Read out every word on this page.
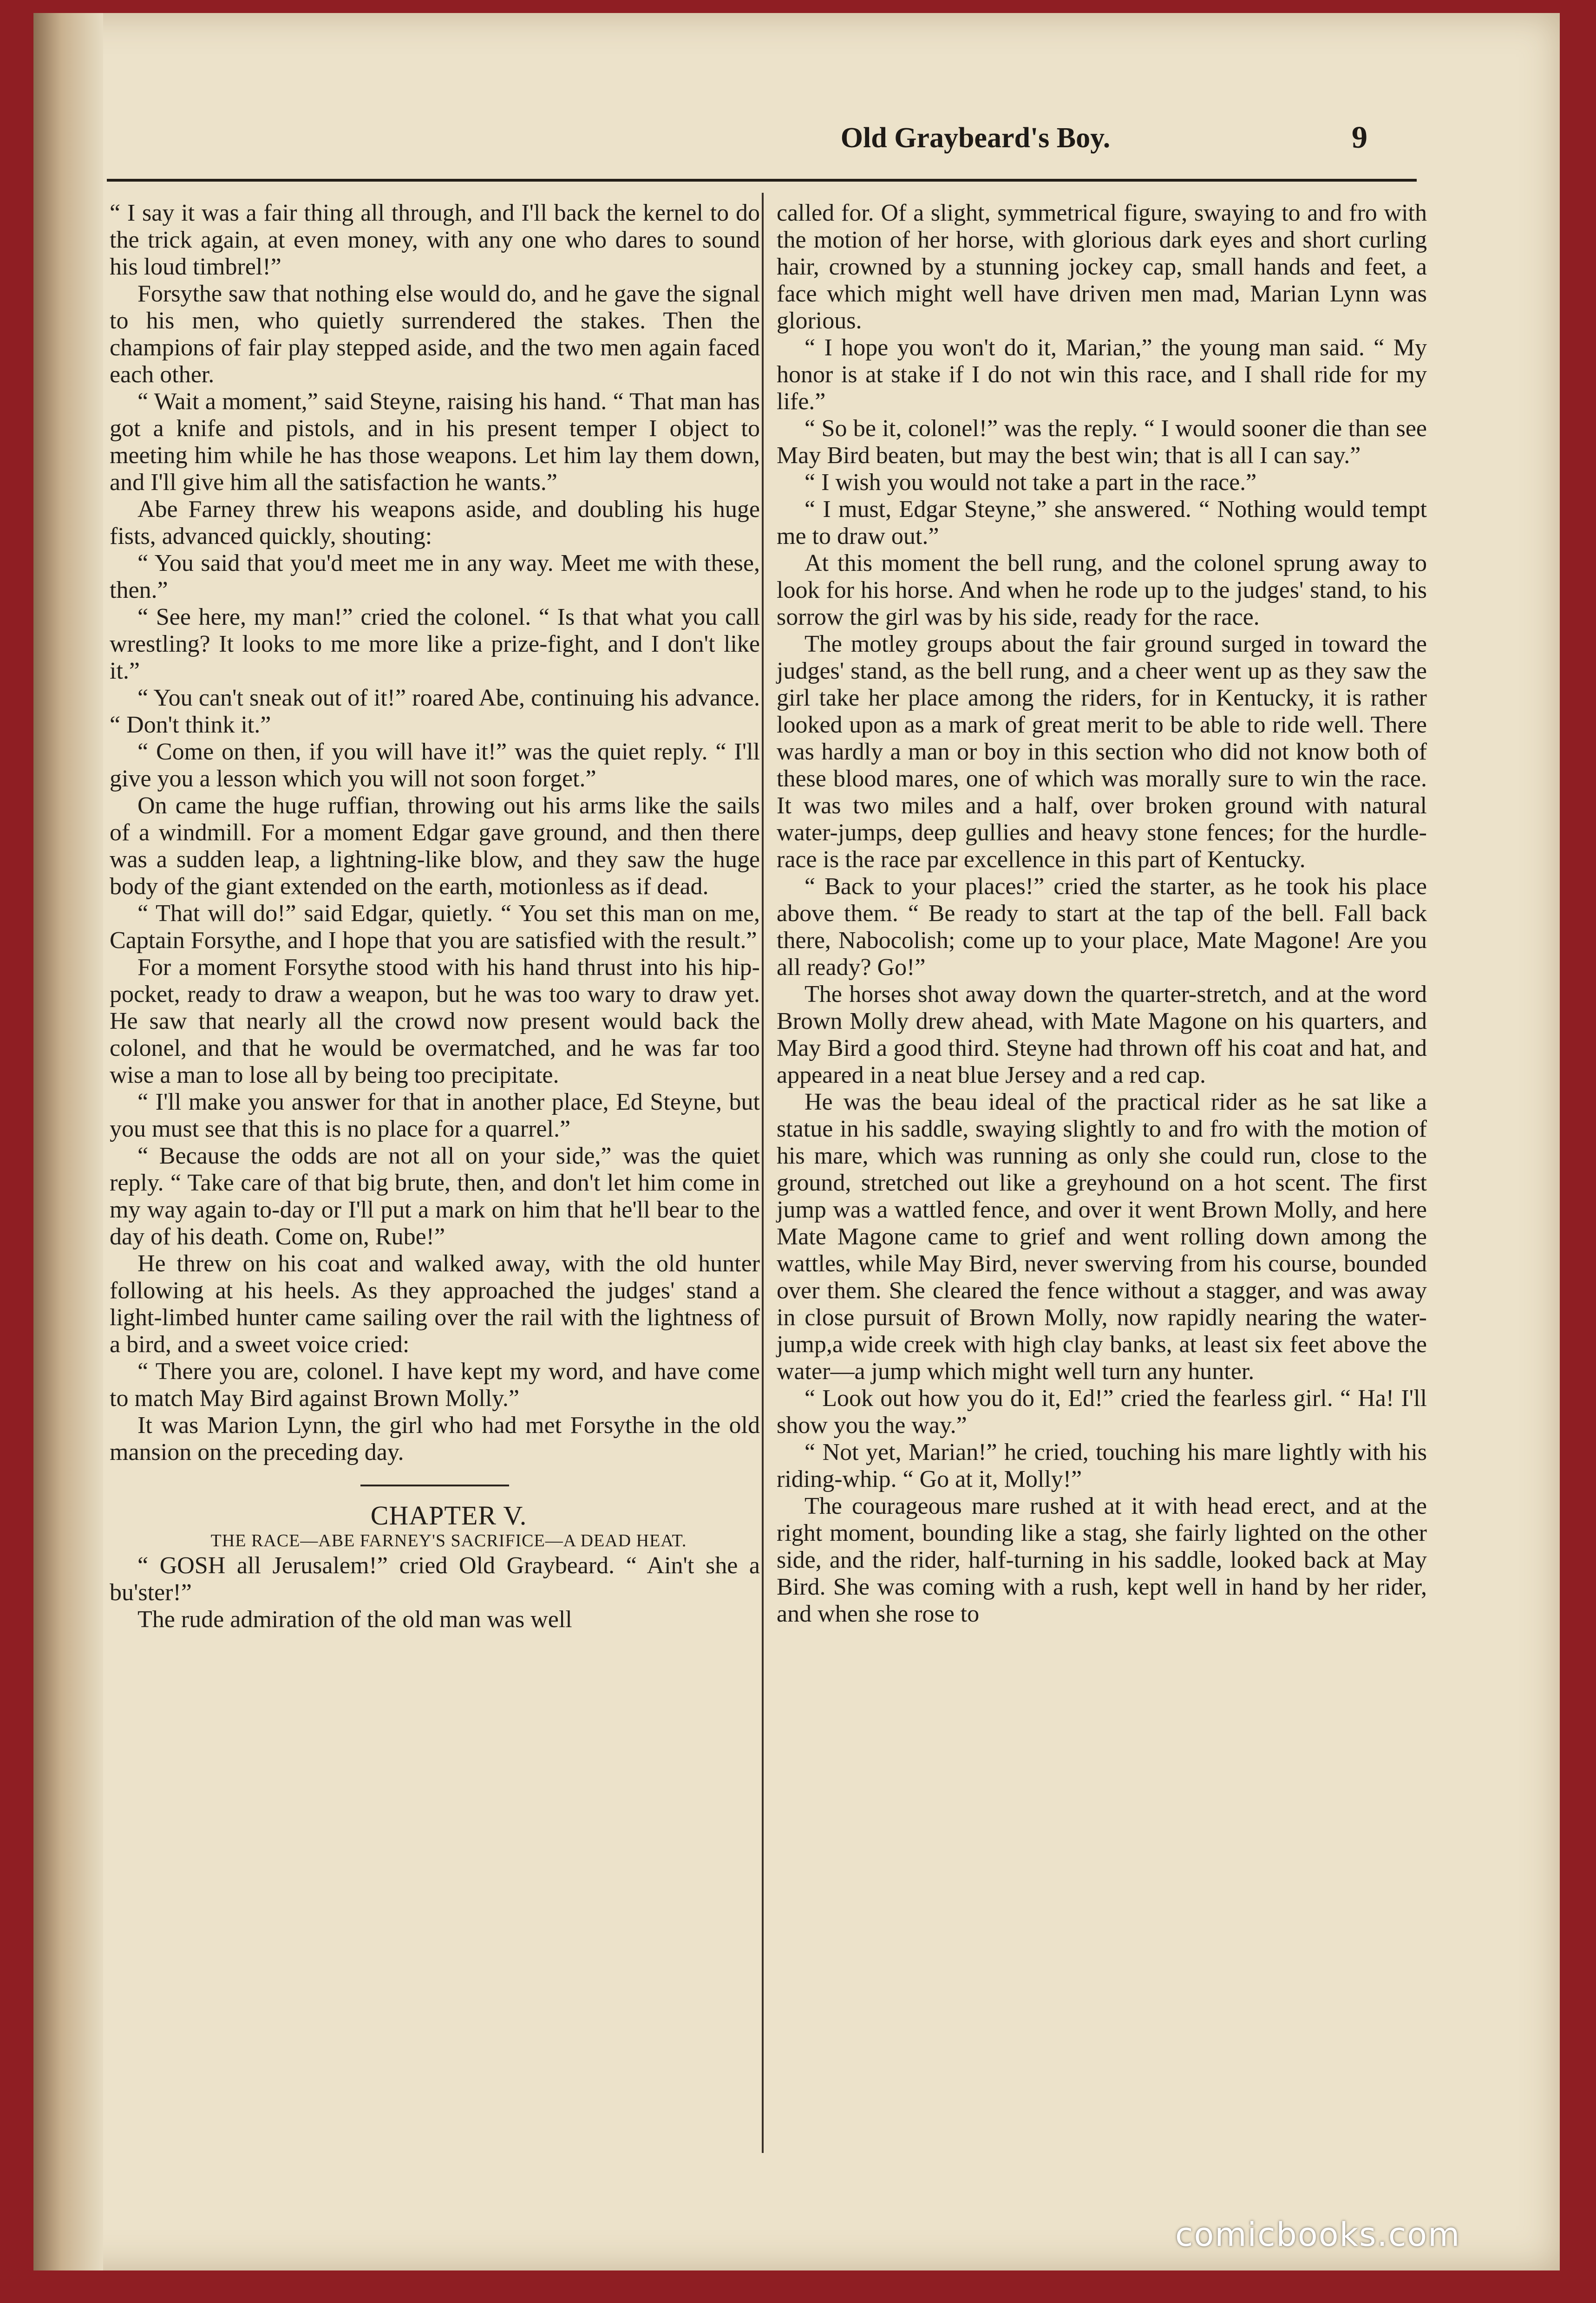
Old Graybeard's Boy.	9

“ I say it was a fair thing all through, and I'll back the kernel to do the trick again, at even money, with any one who dares to sound his loud timbrel!”

Forsythe saw that nothing else would do, and he gave the signal to his men, who quietly surrendered the stakes. Then the champions of fair play stepped aside, and the two men again faced each other.

“ Wait a moment,” said Steyne, raising his hand. “ That man has got a knife and pistols, and in his present temper I object to meeting him while he has those weapons. Let him lay them down, and I'll give him all the satisfaction he wants.”

Abe Farney threw his weapons aside, and doubling his huge fists, advanced quickly, shouting:

“ You said that you'd meet me in any way. Meet me with these, then.”

“ See here, my man!” cried the colonel. “ Is that what you call wrestling? It looks to me more like a prize-fight, and I don't like it.”

“ You can't sneak out of it!” roared Abe, continuing his advance. “ Don't think it.”

“ Come on then, if you will have it!” was the quiet reply. “ I'll give you a lesson which you will not soon forget.”

On came the huge ruffian, throwing out his arms like the sails of a windmill. For a moment Edgar gave ground, and then there was a sudden leap, a lightning-like blow, and they saw the huge body of the giant extended on the earth, motionless as if dead.

“ That will do!” said Edgar, quietly. “ You set this man on me, Captain Forsythe, and I hope that you are satisfied with the result.”

For a moment Forsythe stood with his hand thrust into his hip-pocket, ready to draw a weapon, but he was too wary to draw yet. He saw that nearly all the crowd now present would back the colonel, and that he would be overmatched, and he was far too wise a man to lose all by being too precipitate.

“ I'll make you answer for that in another place, Ed Steyne, but you must see that this is no place for a quarrel.”

“ Because the odds are not all on your side,” was the quiet reply. “ Take care of that big brute, then, and don't let him come in my way again to-day or I'll put a mark on him that he'll bear to the day of his death. Come on, Rube!”

He threw on his coat and walked away, with the old hunter following at his heels. As they approached the judges' stand a light-limbed hunter came sailing over the rail with the lightness of a bird, and a sweet voice cried:

“ There you are, colonel. I have kept my word, and have come to match May Bird against Brown Molly.”

It was Marion Lynn, the girl who had met Forsythe in the old mansion on the preceding day.

CHAPTER V.

THE RACE—ABE FARNEY'S SACRIFICE—A DEAD HEAT.

“ GOSH all Jerusalem!” cried Old Graybeard. “ Ain't she a bu'ster!”

The rude admiration of the old man was well

called for. Of a slight, symmetrical figure, swaying to and fro with the motion of her horse, with glorious dark eyes and short curling hair, crowned by a stunning jockey cap, small hands and feet, a face which might well have driven men mad, Marian Lynn was glorious.

“ I hope you won't do it, Marian,” the young man said. “ My honor is at stake if I do not win this race, and I shall ride for my life.”

“ So be it, colonel!” was the reply. “ I would sooner die than see May Bird beaten, but may the best win; that is all I can say.”

“ I wish you would not take a part in the race.”

“ I must, Edgar Steyne,” she answered. “ Nothing would tempt me to draw out.”

At this moment the bell rung, and the colonel sprung away to look for his horse. And when he rode up to the judges' stand, to his sorrow the girl was by his side, ready for the race.

The motley groups about the fair ground surged in toward the judges' stand, as the bell rung, and a cheer went up as they saw the girl take her place among the riders, for in Kentucky, it is rather looked upon as a mark of great merit to be able to ride well. There was hardly a man or boy in this section who did not know both of these blood mares, one of which was morally sure to win the race. It was two miles and a half, over broken ground with natural water-jumps, deep gullies and heavy stone fences; for the hurdle-race is the race par excellence in this part of Kentucky.

“ Back to your places!” cried the starter, as he took his place above them. “ Be ready to start at the tap of the bell. Fall back there, Nabocolish; come up to your place, Mate Magone! Are you all ready? Go!”

The horses shot away down the quarter-stretch, and at the word Brown Molly drew ahead, with Mate Magone on his quarters, and May Bird a good third. Steyne had thrown off his coat and hat, and appeared in a neat blue Jersey and a red cap.

He was the beau ideal of the practical rider as he sat like a statue in his saddle, swaying slightly to and fro with the motion of his mare, which was running as only she could run, close to the ground, stretched out like a greyhound on a hot scent. The first jump was a wattled fence, and over it went Brown Molly, and here Mate Magone came to grief and went rolling down among the wattles, while May Bird, never swerving from his course, bounded over them. She cleared the fence without a stagger, and was away in close pursuit of Brown Molly, now rapidly nearing the water-jump,a wide creek with high clay banks, at least six feet above the water—a jump which might well turn any hunter.

“ Look out how you do it, Ed!” cried the fearless girl. “ Ha! I'll show you the way.”

“ Not yet, Marian!” he cried, touching his mare lightly with his riding-whip. “ Go at it, Molly!”

The courageous mare rushed at it with head erect, and at the right moment, bounding like a stag, she fairly lighted on the other side, and the rider, half-turning in his saddle, looked back at May Bird. She was coming with a rush, kept well in hand by her rider, and when she rose to

comicbooks.com
